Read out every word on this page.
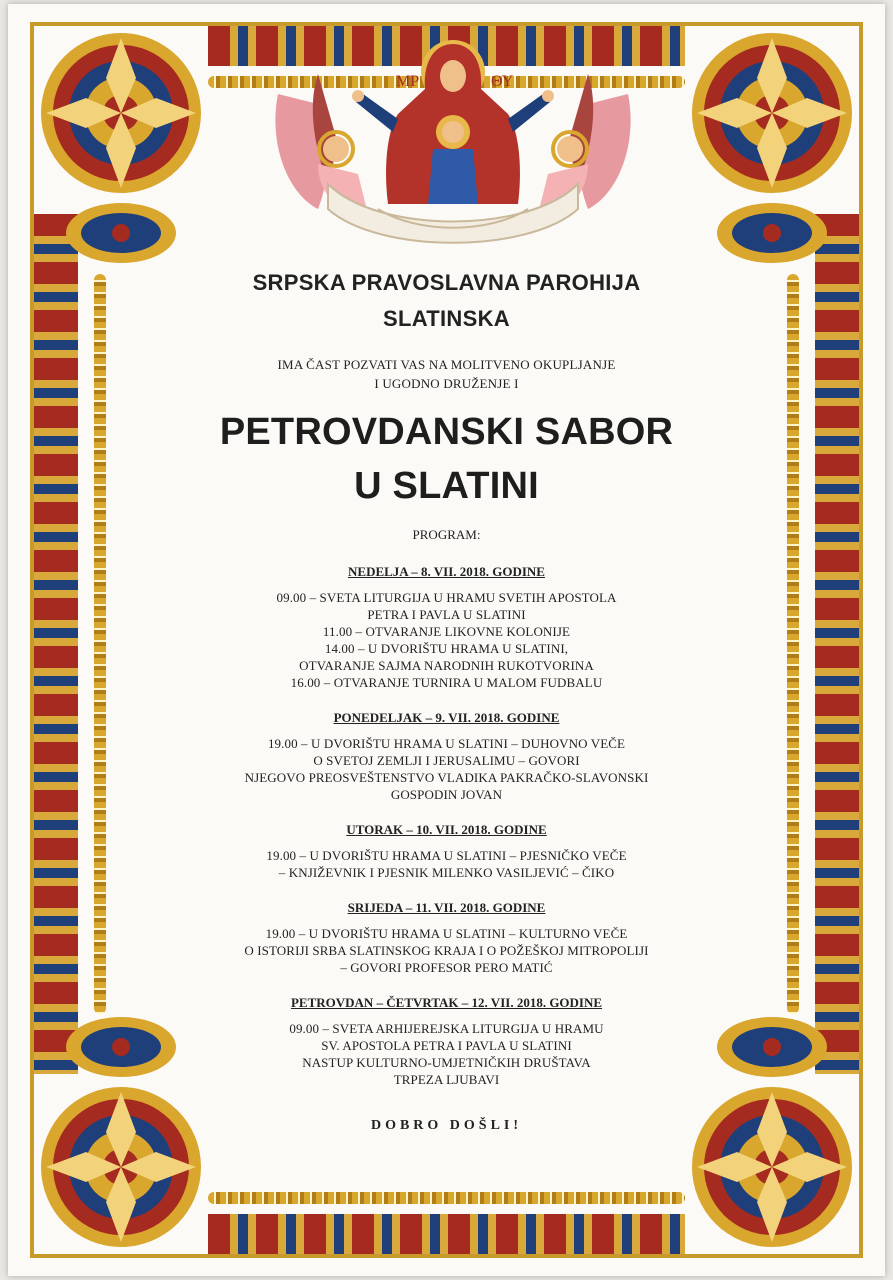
ΜΡ	ΘΥ
SRPSKA PRAVOSLAVNA PAROHIJA
SLATINSKA
IMA ČAST POZVATI VAS NA MOLITVENO OKUPLJANJE
I UGODNO DRUŽENJE I
PETROVDANSKI SABOR
U SLATINI
PROGRAM:
NEDELJA – 8. VII. 2018. GODINE
09.00 – SVETA LITURGIJA U HRAMU SVETIH APOSTOLA
PETRA I PAVLA U SLATINI
11.00 – OTVARANJE LIKOVNE KOLONIJE
14.00 – U DVORIŠTU HRAMA U SLATINI,
OTVARANJE SAJMA NARODNIH RUKOTVORINA
16.00 – OTVARANJE TURNIRA U MALOM FUDBALU
PONEDELJAK – 9. VII. 2018. GODINE
19.00 – U DVORIŠTU HRAMA U SLATINI – DUHOVNO VEČE
O SVETOJ ZEMLJI I JERUSALIMU – GOVORI
NJEGOVO PREOSVEŠTENSTVO VLADIKA PAKRAČKO-SLAVONSKI
GOSPODIN JOVAN
UTORAK – 10. VII. 2018. GODINE
19.00 – U DVORIŠTU HRAMA U SLATINI – PJESNIČKO VEČE
– KNJIŽEVNIK I PJESNIK MILENKO VASILJEVIĆ – ČIKO
SRIJEDA – 11. VII. 2018. GODINE
19.00 – U DVORIŠTU HRAMA U SLATINI – KULTURNO VEČE
O ISTORIJI SRBA SLATINSKOG KRAJA I O POŽEŠKOJ MITROPOLIJI
– GOVORI PROFESOR PERO MATIĆ
PETROVDAN – ČETVRTAK – 12. VII. 2018. GODINE
09.00 – SVETA ARHIJEREJSKA LITURGIJA U HRAMU
SV. APOSTOLA PETRA I PAVLA U SLATINI
NASTUP KULTURNO-UMJETNIČKIH DRUŠTAVA
TRPEZA LJUBAVI
DOBRO DOŠLI!
